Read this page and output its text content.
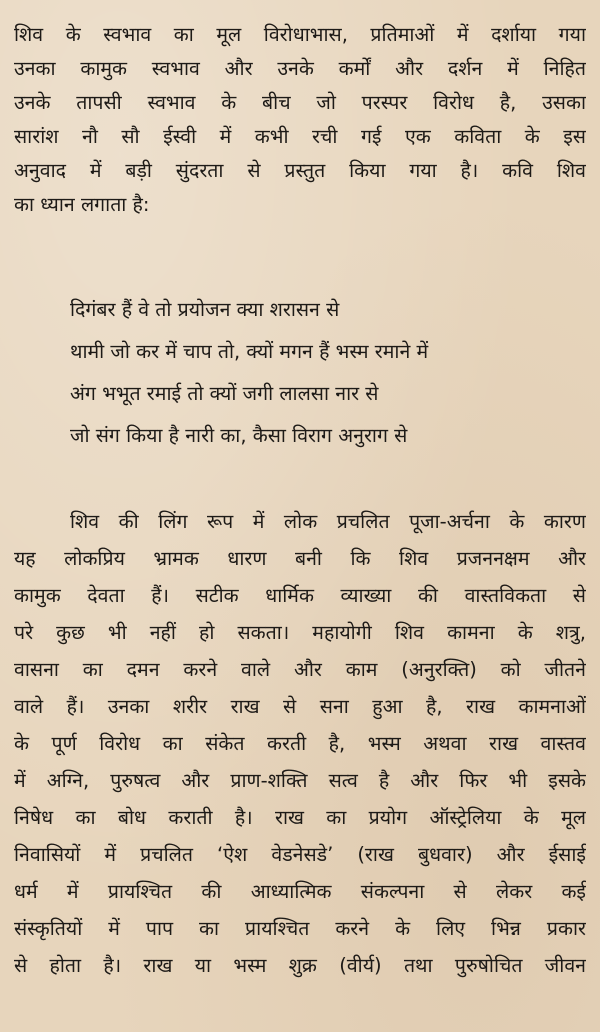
शिव के स्वभाव का मूल विरोधाभास, प्रतिमाओं में दर्शाया गया
उनका कामुक स्वभाव और उनके कर्मों और दर्शन में निहित
उनके तापसी स्वभाव के बीच जो परस्पर विरोध है, उसका
सारांश नौ सौ ईस्वी में कभी रची गई एक कविता के इस
अनुवाद में बड़ी सुंदरता से प्रस्तुत किया गया है। कवि शिव
का ध्यान लगाता है:
दिगंबर हैं वे तो प्रयोजन क्या शरासन से
थामी जो कर में चाप तो, क्यों मगन हैं भस्म रमाने में
अंग भभूत रमाई तो क्यों जगी लालसा नार से
जो संग किया है नारी का, कैसा विराग अनुराग से
शिव की लिंग रूप में लोक प्रचलित पूजा-अर्चना के कारण
यह लोकप्रिय भ्रामक धारण बनी कि शिव प्रजननक्षम और
कामुक देवता हैं। सटीक धार्मिक व्याख्या की वास्तविकता से
परे कुछ भी नहीं हो सकता। महायोगी शिव कामना के शत्रु,
वासना का दमन करने वाले और काम (अनुरक्ति) को जीतने
वाले हैं। उनका शरीर राख से सना हुआ है, राख कामनाओं
के पूर्ण विरोध का संकेत करती है, भस्म अथवा राख वास्तव
में अग्नि, पुरुषत्व और प्राण-शक्ति सत्व है और फिर भी इसके
निषेध का बोध कराती है। राख का प्रयोग ऑस्ट्रेलिया के मूल
निवासियों में प्रचलित ‘ऐश वेडनेसडे’ (राख बुधवार) और ईसाई
धर्म में प्रायश्चित की आध्यात्मिक संकल्पना से लेकर कई
संस्कृतियों में पाप का प्रायश्चित करने के लिए भिन्न प्रकार
से होता है। राख या भस्म शुक्र (वीर्य) तथा पुरुषोचित जीवन
